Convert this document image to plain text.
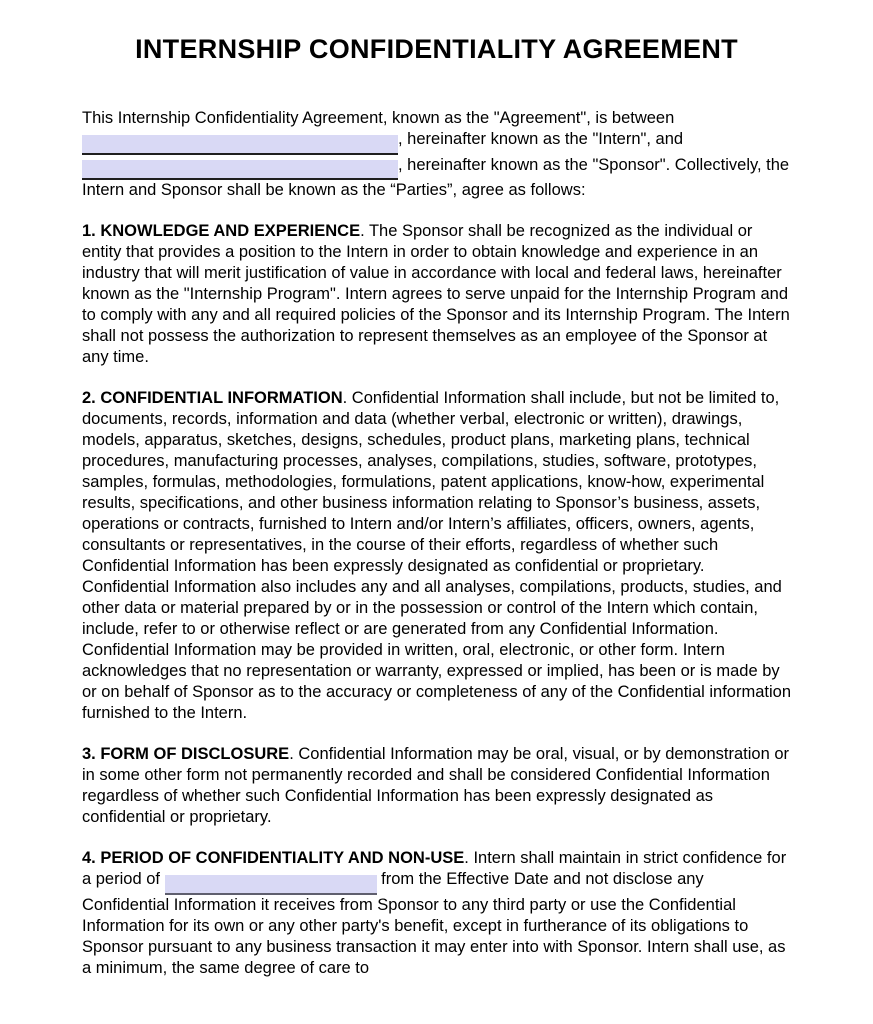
INTERNSHIP CONFIDENTIALITY AGREEMENT

This Internship Confidentiality Agreement, known as the "Agreement", is between , hereinafter known as the "Intern", and , hereinafter known as the "Sponsor". Collectively, the Intern and Sponsor shall be known as the “Parties”, agree as follows:

1. KNOWLEDGE AND EXPERIENCE. The Sponsor shall be recognized as the individual or entity that provides a position to the Intern in order to obtain knowledge and experience in an industry that will merit justification of value in accordance with local and federal laws, hereinafter known as the "Internship Program". Intern agrees to serve unpaid for the Internship Program and to comply with any and all required policies of the Sponsor and its Internship Program. The Intern shall not possess the authorization to represent themselves as an employee of the Sponsor at any time.

2. CONFIDENTIAL INFORMATION. Confidential Information shall include, but not be limited to, documents, records, information and data (whether verbal, electronic or written), drawings, models, apparatus, sketches, designs, schedules, product plans, marketing plans, technical procedures, manufacturing processes, analyses, compilations, studies, software, prototypes, samples, formulas, methodologies, formulations, patent applications, know-how, experimental results, specifications, and other business information relating to Sponsor’s business, assets, operations or contracts, furnished to Intern and/or Intern’s affiliates, officers, owners, agents, consultants or representatives, in the course of their efforts, regardless of whether such Confidential Information has been expressly designated as confidential or proprietary. Confidential Information also includes any and all analyses, compilations, products, studies, and other data or material prepared by or in the possession or control of the Intern which contain, include, refer to or otherwise reflect or are generated from any Confidential Information. Confidential Information may be provided in written, oral, electronic, or other form. Intern acknowledges that no representation or warranty, expressed or implied, has been or is made by or on behalf of Sponsor as to the accuracy or completeness of any of the Confidential information furnished to the Intern.

3. FORM OF DISCLOSURE. Confidential Information may be oral, visual, or by demonstration or in some other form not permanently recorded and shall be considered Confidential Information regardless of whether such Confidential Information has been expressly designated as confidential or proprietary.

4. PERIOD OF CONFIDENTIALITY AND NON-USE. Intern shall maintain in strict confidence for a period of	from the Effective Date and not disclose any Confidential Information it receives from Sponsor to any third party or use the Confidential Information for its own or any other party's benefit, except in furtherance of its obligations to Sponsor pursuant to any business transaction it may enter into with Sponsor. Intern shall use, as a minimum, the same degree of care to
